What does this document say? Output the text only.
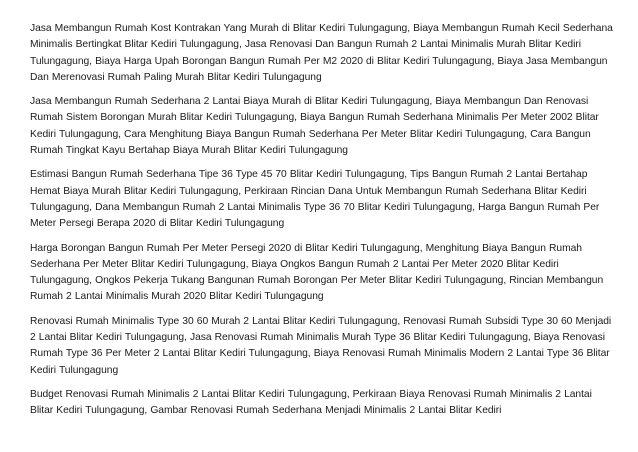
Jasa Membangun Rumah Kost Kontrakan Yang Murah di Blitar Kediri Tulungagung, Biaya Membangun Rumah Kecil Sederhana Minimalis Bertingkat Blitar Kediri Tulungagung, Jasa Renovasi Dan Bangun Rumah 2 Lantai Minimalis Murah Blitar Kediri Tulungagung, Biaya Harga Upah Borongan Bangun Rumah Per M2 2020 di Blitar Kediri Tulungagung, Biaya Jasa Membangun Dan Merenovasi Rumah Paling Murah Blitar Kediri Tulungagung

Jasa Membangun Rumah Sederhana 2 Lantai Biaya Murah di Blitar Kediri Tulungagung, Biaya Membangun Dan Renovasi Rumah Sistem Borongan Murah Blitar Kediri Tulungagung, Biaya Bangun Rumah Sederhana Minimalis Per Meter 2002 Blitar Kediri Tulungagung, Cara Menghitung Biaya Bangun Rumah Sederhana Per Meter Blitar Kediri Tulungagung, Cara Bangun Rumah Tingkat Kayu Bertahap Biaya Murah Blitar Kediri Tulungagung

Estimasi Bangun Rumah Sederhana Tipe 36 Type 45 70 Blitar Kediri Tulungagung, Tips Bangun Rumah 2 Lantai Bertahap Hemat Biaya Murah Blitar Kediri Tulungagung, Perkiraan Rincian Dana Untuk Membangun Rumah Sederhana Blitar Kediri Tulungagung, Dana Membangun Rumah 2 Lantai Minimalis Type 36 70 Blitar Kediri Tulungagung, Harga Bangun Rumah Per Meter Persegi Berapa 2020 di Blitar Kediri Tulungagung

Harga Borongan Bangun Rumah Per Meter Persegi 2020 di Blitar Kediri Tulungagung, Menghitung Biaya Bangun Rumah Sederhana Per Meter Blitar Kediri Tulungagung, Biaya Ongkos Bangun Rumah 2 Lantai Per Meter 2020 Blitar Kediri Tulungagung, Ongkos Pekerja Tukang Bangunan Rumah Borongan Per Meter Blitar Kediri Tulungagung, Rincian Membangun Rumah 2 Lantai Minimalis Murah 2020 Blitar Kediri Tulungagung

Renovasi Rumah Minimalis Type 30 60 Murah 2 Lantai Blitar Kediri Tulungagung, Renovasi Rumah Subsidi Type 30 60 Menjadi 2 Lantai Blitar Kediri Tulungagung, Jasa Renovasi Rumah Minimalis Murah Type 36 Blitar Kediri Tulungagung, Biaya Renovasi Rumah Type 36 Per Meter 2 Lantai Blitar Kediri Tulungagung, Biaya Renovasi Rumah Minimalis Modern 2 Lantai Type 36 Blitar Kediri Tulungagung

Budget Renovasi Rumah Minimalis 2 Lantai Blitar Kediri Tulungagung, Perkiraan Biaya Renovasi Rumah Minimalis 2 Lantai Blitar Kediri Tulungagung, Gambar Renovasi Rumah Sederhana Menjadi Minimalis 2 Lantai Blitar Kediri
